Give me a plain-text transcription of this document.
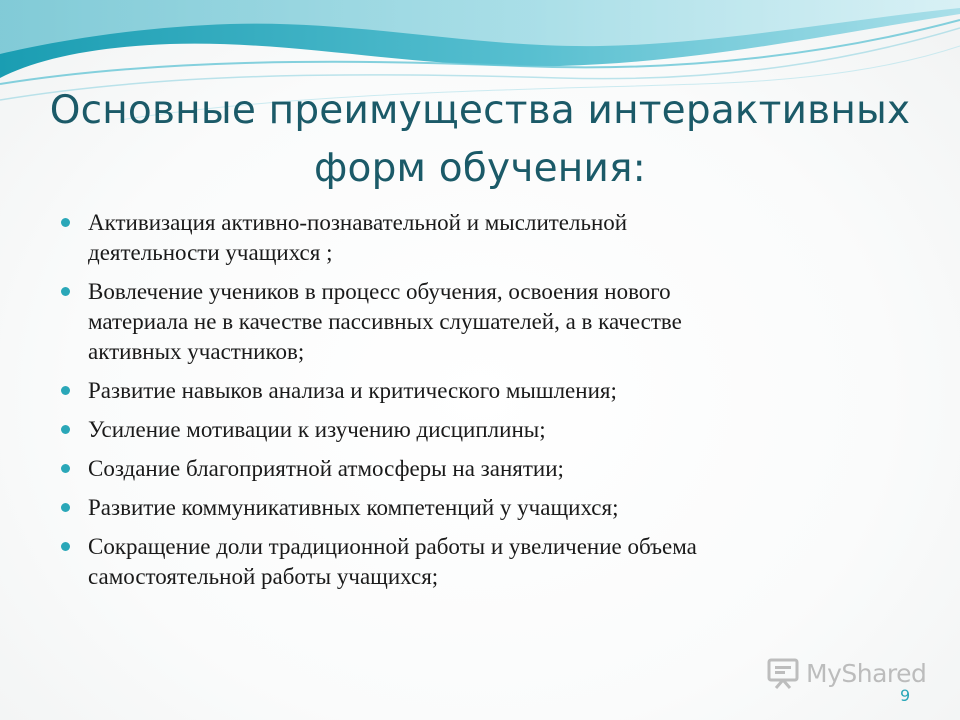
Основные преимущества интерактивных
форм обучения:
Активизация активно-познавательной и мыслительной
деятельности учащихся ;
Вовлечение учеников в процесс обучения, освоения нового
материала не в качестве пассивных слушателей, а в качестве
активных участников;
Развитие навыков анализа и критического мышления;
Усиление мотивации к изучению дисциплины;
Создание благоприятной атмосферы на занятии;
Развитие коммуникативных компетенций у учащихся;
Сокращение доли традиционной работы и увеличение объема
самостоятельной работы учащихся;
MyShared
9
